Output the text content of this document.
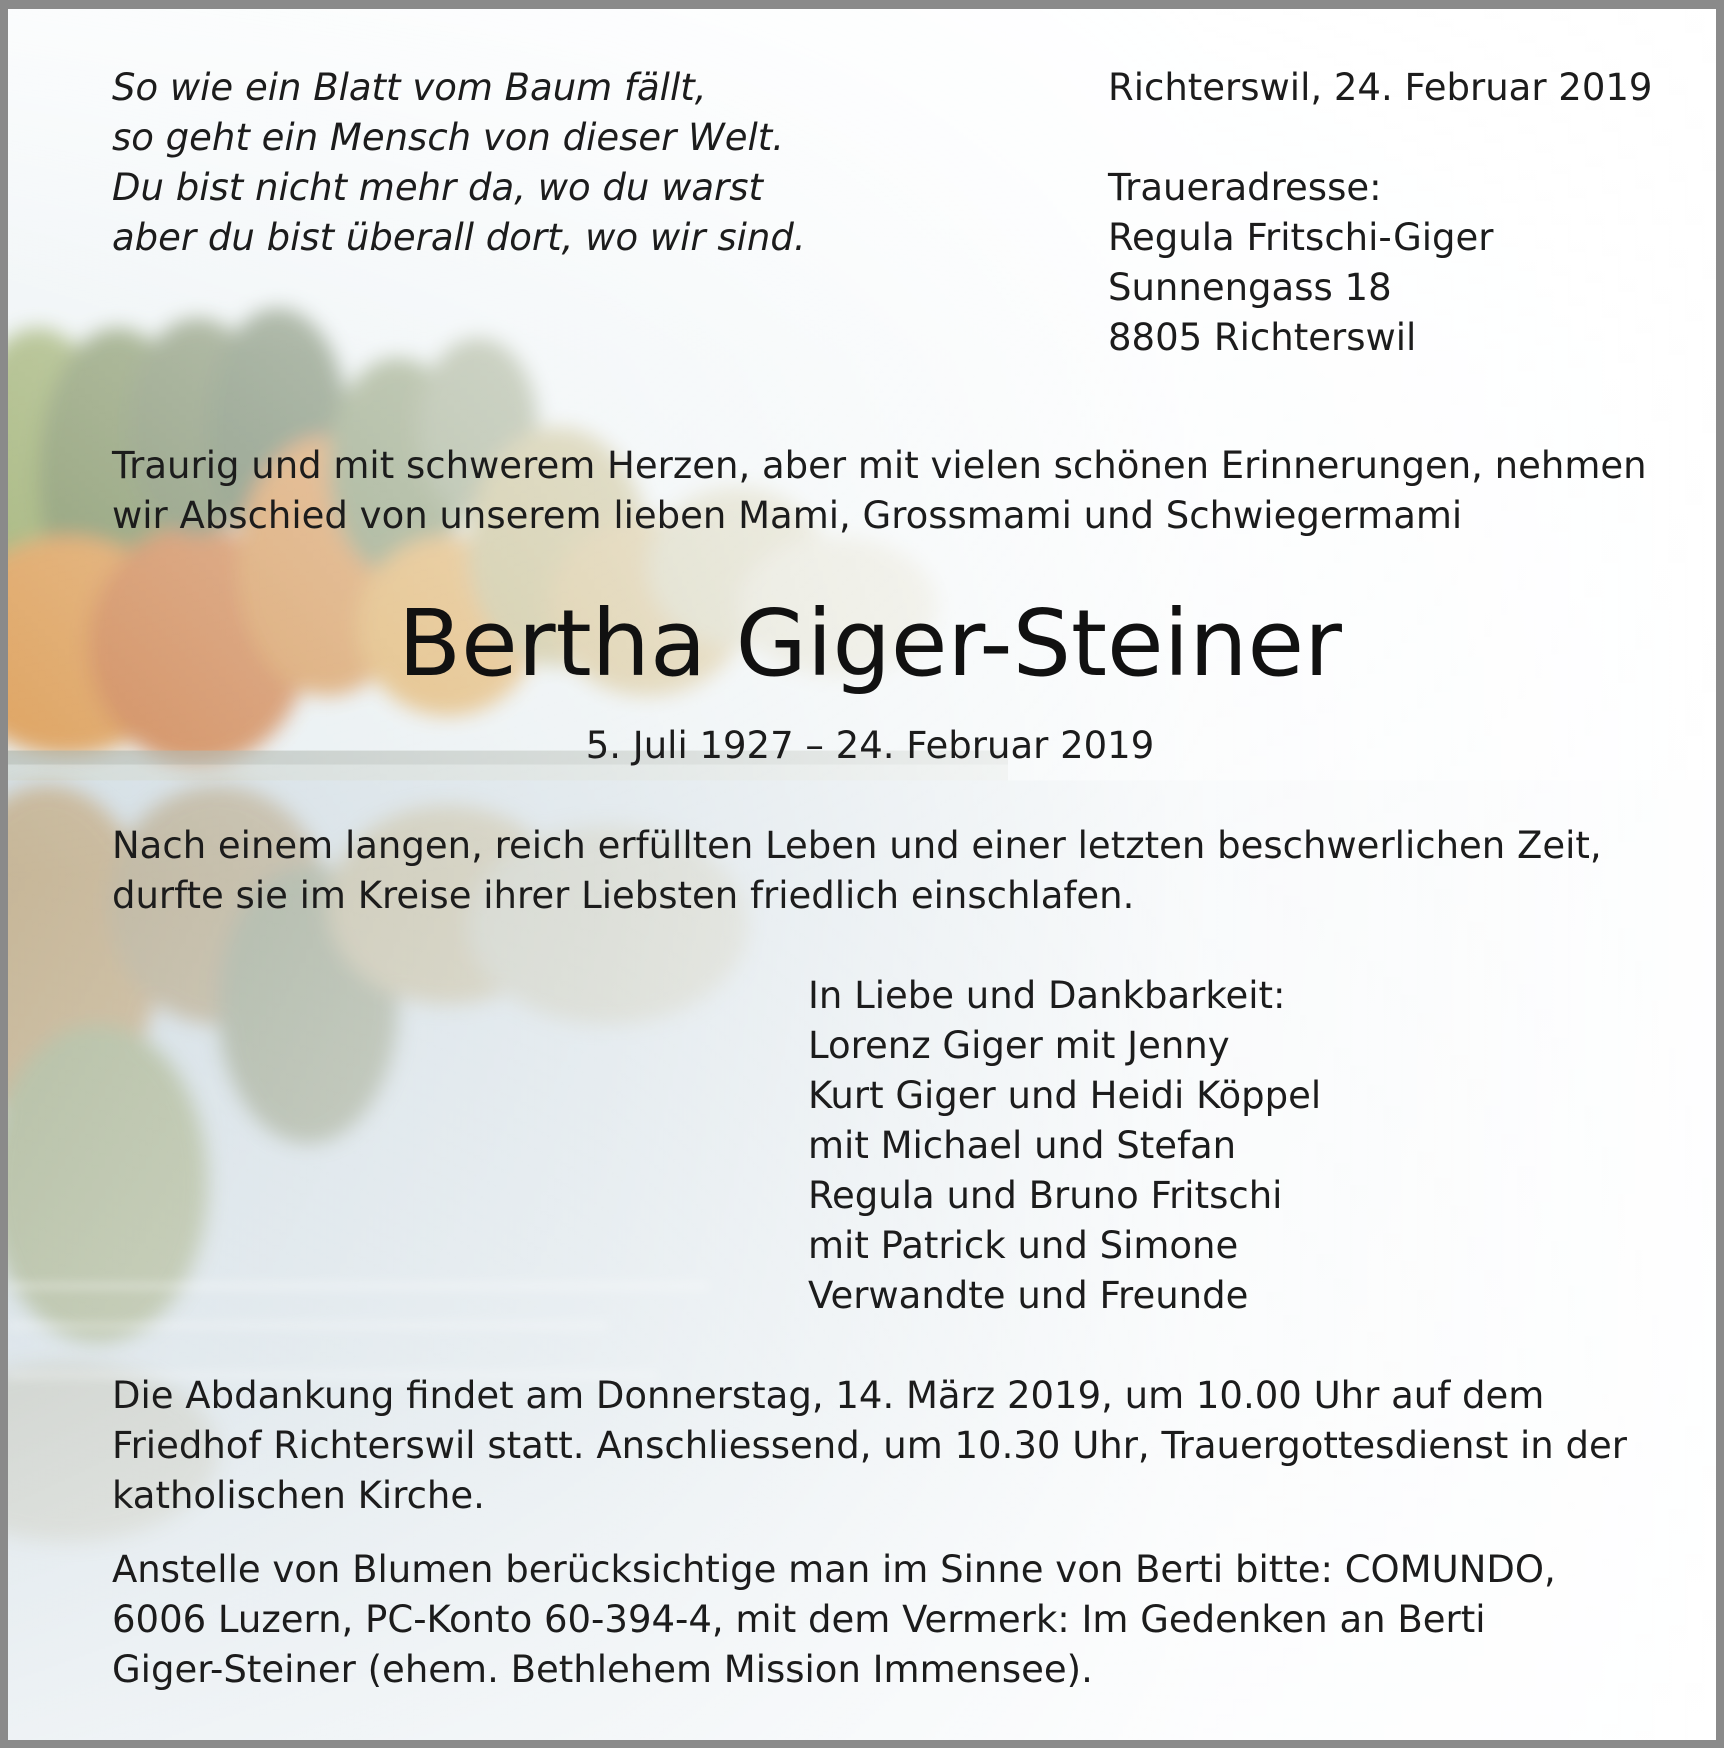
So wie ein Blatt vom Baum fällt,
so geht ein Mensch von dieser Welt.
Du bist nicht mehr da, wo du warst
aber du bist überall dort, wo wir sind.
Richterswil, 24. Februar 2019
Traueradresse:
Regula Fritschi-Giger
Sunnengass 18
8805 Richterswil
Traurig und mit schwerem Herzen, aber mit vielen schönen Erinnerungen, nehmen
wir Abschied von unserem lieben Mami, Grossmami und Schwiegermami
Bertha Giger-Steiner
5. Juli 1927 – 24. Februar 2019
Nach einem langen, reich erfüllten Leben und einer letzten beschwerlichen Zeit,
durfte sie im Kreise ihrer Liebsten friedlich einschlafen.
In Liebe und Dankbarkeit:
Lorenz Giger mit Jenny
Kurt Giger und Heidi Köppel
mit Michael und Stefan
Regula und Bruno Fritschi
mit Patrick und Simone
Verwandte und Freunde
Die Abdankung findet am Donnerstag, 14. März 2019, um 10.00 Uhr auf dem
Friedhof Richterswil statt. Anschliessend, um 10.30 Uhr, Trauergottesdienst in der
katholischen Kirche.
Anstelle von Blumen berücksichtige man im Sinne von Berti bitte: COMUNDO,
6006 Luzern, PC-Konto 60-394-4, mit dem Vermerk: Im Gedenken an Berti
Giger-Steiner (ehem. Bethlehem Mission Immensee).
